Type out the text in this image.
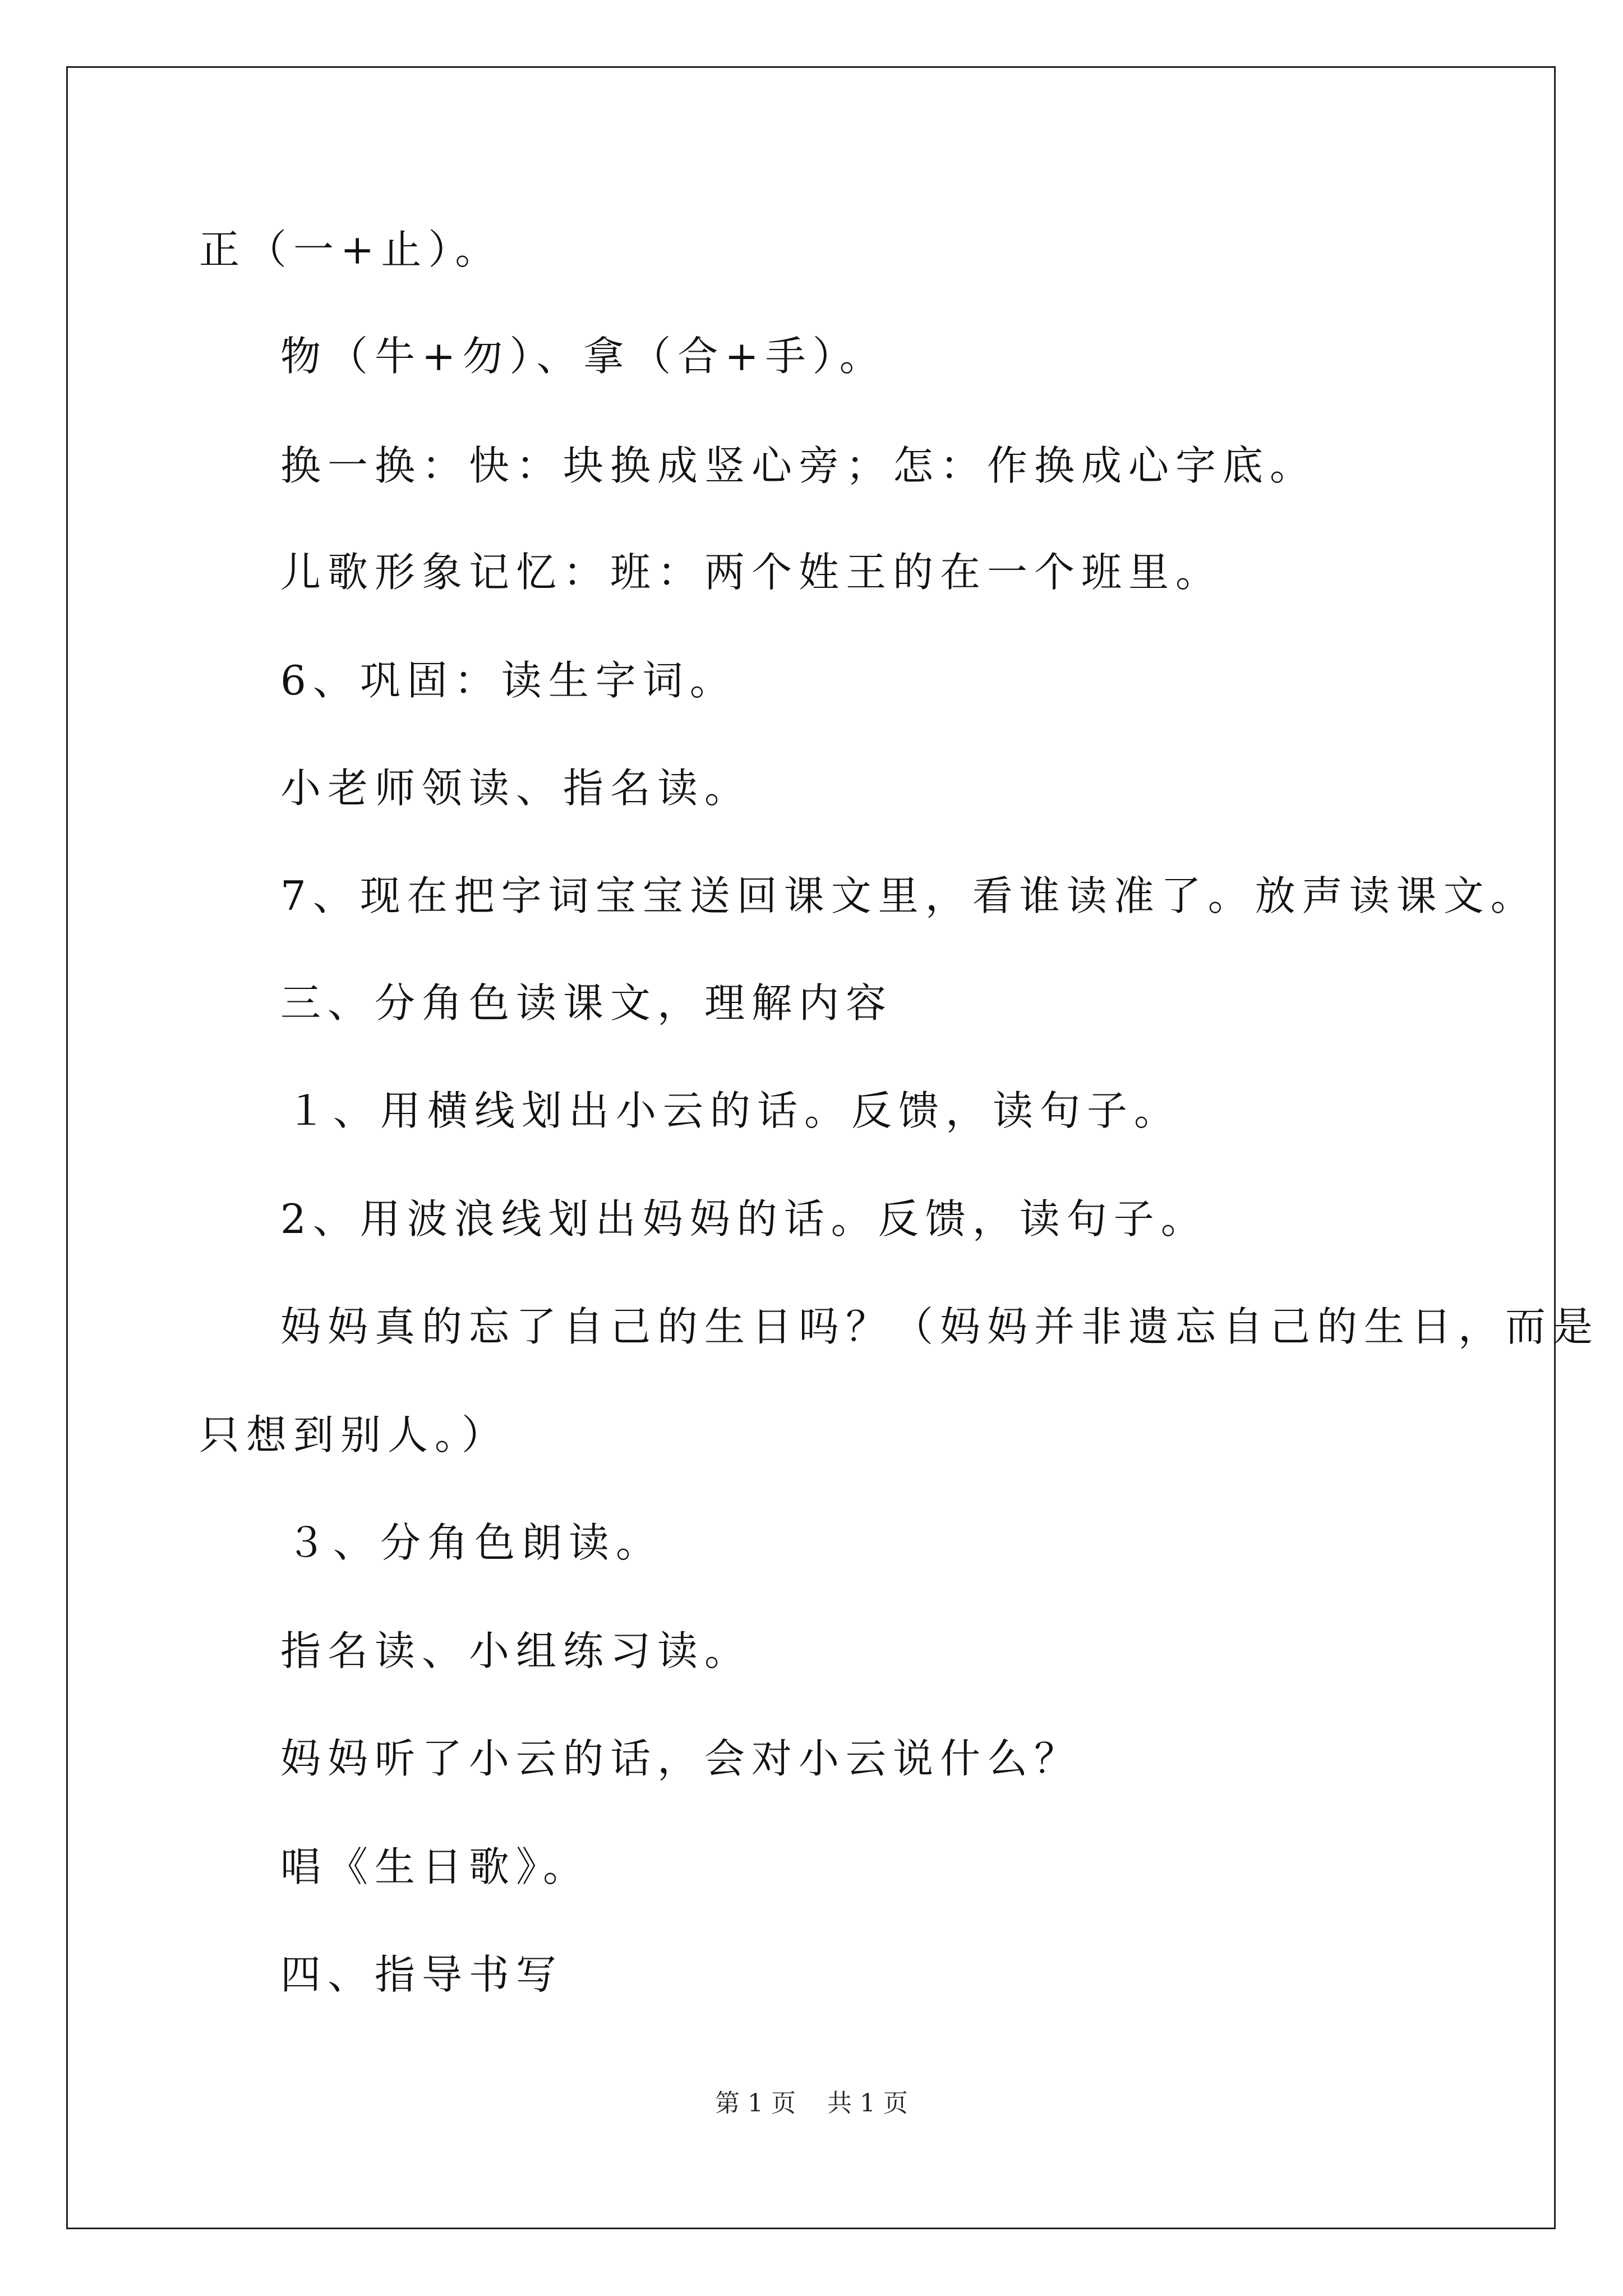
正（一+止）。
物（牛+勿）、拿（合+手）。
换一换：快：块换成竖心旁；怎：作换成心字底。
儿歌形象记忆：班：两个姓王的在一个班里。
6、巩固：读生字词。
小老师领读、指名读。
7、现在把字词宝宝送回课文里，看谁读准了。放声读课文。
三、分角色读课文，理解内容
１、用横线划出小云的话。反馈，读句子。
2、用波浪线划出妈妈的话。反馈，读句子。
妈妈真的忘了自己的生日吗？（妈妈并非遗忘自己的生日，而是
只想到别人。）
３、分角色朗读。
指名读、小组练习读。
妈妈听了小云的话，会对小云说什么？
唱《生日歌》。
四、指导书写
第 1 页    共 1 页
